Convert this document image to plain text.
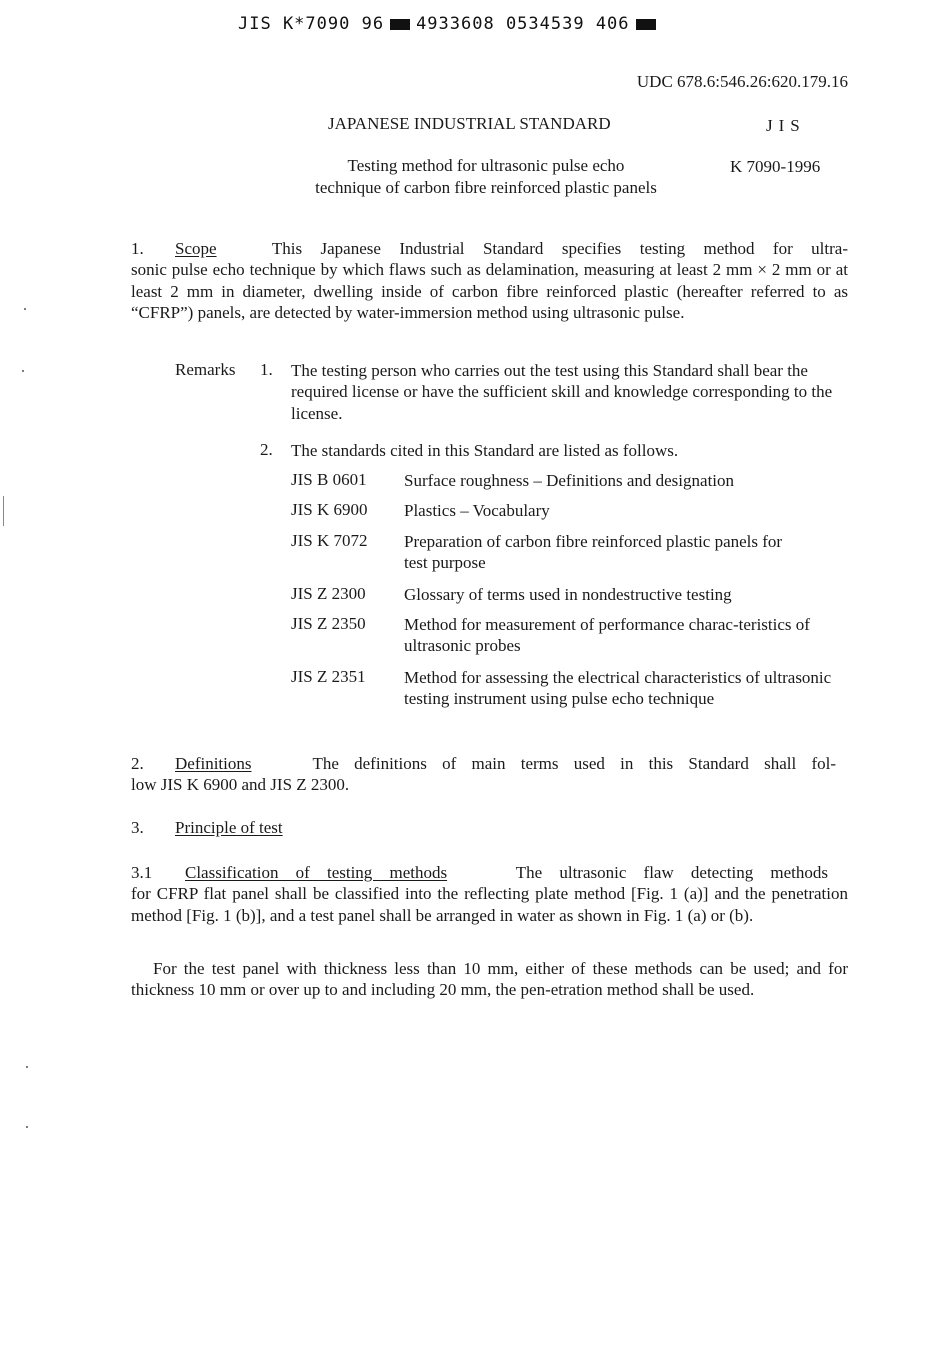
JIS K*7090 96 4933608 0534539 406
UDC 678.6:546.26:620.179.16
JAPANESE INDUSTRIAL STANDARD	JIS
Testing method for ultrasonic pulse echo
technique of carbon fibre reinforced plastic panels
K 7090-1996
1. Scope	This Japanese Industrial Standard specifies testing method for ultra-
sonic pulse echo technique by which flaws such as delamination, measuring at least 2 mm × 2 mm or at least 2 mm in diameter, dwelling inside of carbon fibre reinforced plastic (hereafter referred to as “CFRP”) panels, are detected by water-immersion method using ultrasonic pulse.
Remarks 1. The testing person who carries out the test using this Standard shall bear the required license or have the sufficient skill and knowledge corresponding to the license.
2. The standards cited in this Standard are listed as follows.
JIS B 0601 Surface roughness – Definitions and designation
JIS K 6900 Plastics – Vocabulary
JIS K 7072 Preparation of carbon fibre reinforced plastic panels for test purpose
JIS Z 2300 Glossary of terms used in nondestructive testing
JIS Z 2350 Method for measurement of performance charac-teristics of ultrasonic probes
JIS Z 2351 Method for assessing the electrical characteristics of ultrasonic testing instrument using pulse echo technique
2. Definitions	The definitions of main terms used in this Standard shall fol-
low JIS K 6900 and JIS Z 2300.
3. Principle of test
3.1 Classification of testing methods	The ultrasonic flaw detecting methods
for CFRP flat panel shall be classified into the reflecting plate method [Fig. 1 (a)] and the penetration method [Fig. 1 (b)], and a test panel shall be arranged in water as shown in Fig. 1 (a) or (b).
For the test panel with thickness less than 10 mm, either of these methods can be used; and for thickness 10 mm or over up to and including 20 mm, the pen-etration method shall be used.
